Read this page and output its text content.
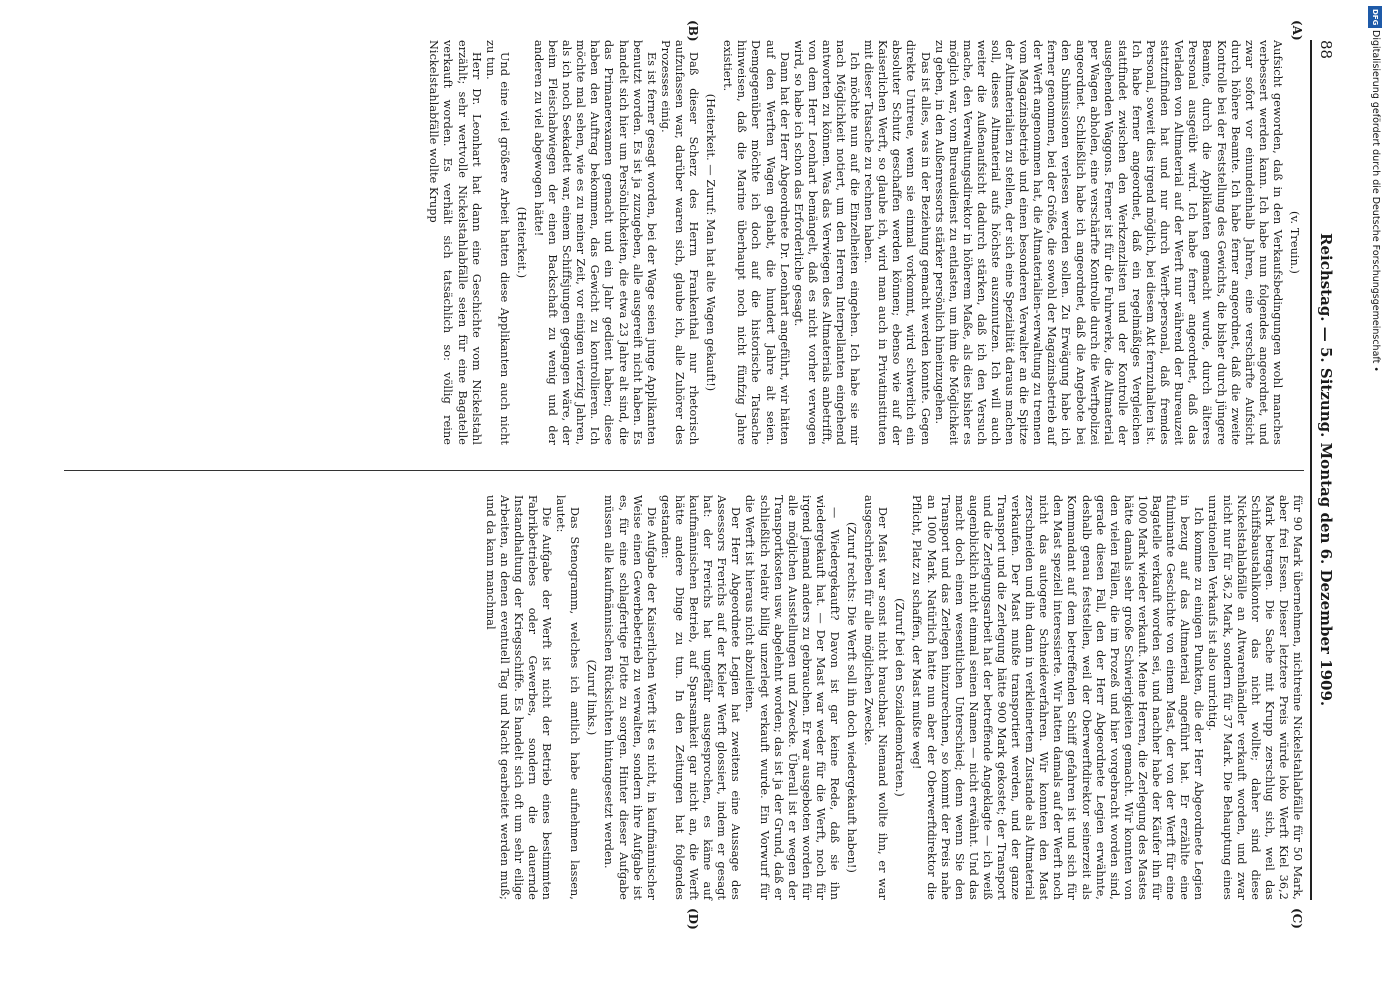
88
Reichstag. — 5. Sitzung. Montag den 6. Dezember 1909.
(A)
(B)
(C)
(D)

(v. Treuin.)

Aufsicht geworden, daß in den Verkaufsbedingungen wohl manches verbessert werden kann. Ich habe nun folgendes angeordnet, und zwar sofort vor einundeinhalb Jahren, eine verschärfte Aufsicht durch höhere Beamte. Ich habe ferner angeordnet, daß die zweite Kontrolle bei der Feststellung des Gewichts, die bisher durch jüngere Beamte, durch die Applikanten gemacht wurde, durch älteres Personal ausgeübt wird. Ich habe ferner angeordnet, daß das Verladen von Altmaterial auf der Werft nur während der Bureauzeit stattzufinden hat und nur durch Werft-personal, daß fremdes Personal, soweit dies irgend möglich, bei diesem Akt fernzuhalten ist. Ich habe ferner angeordnet, daß ein regelmäßiges Vergleichen stattfindet zwischen den Werkzenzlisten und der Kontrolle der ausgehenden Waggons. Ferner ist für die Fuhrwerke, die Altmaterial per Wagen abholen, eine verschärfte Kontrolle durch die Werftpolizei angeordnet. Schließlich habe ich angeordnet, daß die Angebote bei den Submissionen verlesen werden sollen. Zu Erwägung habe ich ferner genommen, bei der Größe, die sowohl der Magazinsbetrieb auf der Werft angenommen hat, die Altmaterialien-verwaltung zu trennen vom Magazinsbetrieb und einen besonderen Verwalter an die Spitze der Altmaterialien zu stellen, der sich eine Spezialität daraus machen soll, dieses Altmaterial aufs höchste auszunutzen. Ich will auch weiter die Außenaufsicht dadurch stärken, daß ich den Versuch mache, den Verwaltungsdirektor in höherem Maße, als dies bisher es möglich war, vom Bureaudienst zu entlasten, um ihm die Möglichkeit zu geben, in den Außenressorts stärker persönlich hineinzugehen.

Das ist alles, was in der Beziehung gemacht werden konnte. Gegen direkte Untreue, wenn sie einmal vorkommt, wird schwerlich ein absoluter Schutz geschaffen werden können; ebenso wie auf der Kaiserlichen Werft, so glaube ich, wird man auch in Privatinstituten mit dieser Tatsache zu rechnen haben.

Ich möchte nun auf die Einzelheiten eingehen. Ich habe sie mir nach Möglichkeit notiert, um den Herren Interpellanten eingehend antworten zu können. Was das Verwiegen des Altmaterials anbetrifft, von dem Herr Leonhart bemängelt, daß es nicht vorher verwogen wird, so habe ich schon das Erforderliche gesagt.

Dann hat der Herr Abgeordnete Dr. Leonhart angeführt, wir hätten auf den Werften Wagen gehabt, die hundert Jahre alt seien. Demgegenüber möchte ich doch auf die historische Tatsache hinweisen, daß die Marine überhaupt noch nicht fünfzig Jahre existiert.

(Heiterkeit. — Zuruf: Man hat alte Wagen gekauft!)

Daß dieser Scherz des Herrn Frankenthal nur rhetorisch aufzufassen war, darüber waren sich, glaube ich, alle Zuhörer des Prozesses einig.

Es ist ferner gesagt worden, bei der Wage seien junge Applikanten benutzt worden. Es ist ja zuzugeben, alle ausgereift nicht haben. Es handelt sich hier um Persönlichkeiten, die etwa 23 Jahre alt sind, die das Primanerexamen gemacht und ein Jahr gedient haben; diese haben den Auftrag bekommen, das Gewicht zu kontrollieren. Ich möchte mal sehen, wie es zu meiner Zeit, vor einigen vierzig Jahren, als ich noch Seekadett war, einem Schiffsjungen gegangen wäre, der beim Fleischabwiegen der einen Backschaft zu wenig und der anderen zu viel abgewogen hätte!

(Heiterkeit.)

Und eine viel größere Arbeit hatten diese Applikanten auch nicht zu tun.

Herr Dr. Leonhart hat dann eine Geschichte vom Nickelstahl erzählt; sehr wertvolle Nickelstahlabfälle seien für eine Bagatelle verkauft worden. Es verhält sich tatsächlich so: völlig reine Nickelstahlabfälle wollte Krupp

für 90 Mark übernehmen, nichtreine Nickelstahlabfälle für 50 Mark, aber frei Essen. Dieser letztere Preis würde loko Werft Kiel 36,2 Mark betragen. Die Sache mit Krupp zerschlug sich, weil das Schiffsbaustahlkontor das nicht wollte; daher sind diese Nickelstahlabfälle an Altwarenhändler verkauft worden, und zwar nicht nur für 36,2 Mark, sondern für 37 Mark. Die Behauptung eines unrationellen Verkaufs ist also unrichtig.

Ich komme zu einigen Punkten, die der Herr Abgeordnete Legien in bezug auf das Altmaterial angeführt hat. Er erzählte eine fulminante Geschichte von einem Mast, der von der Werft für eine Bagatelle verkauft worden sei, und nachher habe der Käufer ihn für 1000 Mark wieder verkauft. Meine Herren, die Zerlegung des Mastes hätte damals sehr große Schwierigkeiten gemacht. Wir konnten von den vielen Fällen, die im Prozeß und hier vorgebracht worden sind, gerade diesen Fall, den der Herr Abgeordnete Legien erwähnte, deshalb genau feststellen, weil der Oberwerftdirektor seinerzeit als Kommandant auf dem betreffenden Schiff gefahren ist und sich für den Mast speziell interessierte. Wir hatten damals auf der Werft noch nicht das autogene Schneideverfahren. Wir konnten den Mast zerschneiden und ihn dann in verkleinertem Zustande als Altmaterial verkaufen. Der Mast mußte transportiert werden, und der ganze Transport und die Zerlegung hätte 900 Mark gekostet; der Transport und die Zerlegungsarbeit hat der betreffende Angeklagte — ich weiß augenblicklich nicht einmal seinen Namen — nicht erwähnt. Und das macht doch einen wesentlichen Unterschied; denn wenn Sie den Transport und das Zerlegen hinzurechnen, so kommt der Preis nahe an 1000 Mark. Natürlich hatte nun aber der Oberwerftdirektor die Pflicht, Platz zu schaffen, der Mast mußte weg!

(Zuruf bei den Sozialdemokraten.)

Der Mast war sonst nicht brauchbar. Niemand wollte ihn, er war ausgeschrieben für alle möglichen Zwecke.

(Zuruf rechts: Die Werft soll ihn doch wiedergekauft haben!)

— Wiedergekauft? Davon ist gar keine Rede, daß sie ihn wiedergekauft hat. — Der Mast war weder für die Werft, noch für irgend jemand anders zu gebrauchen. Er war ausgeboten worden für alle möglichen Ausstellungen und Zwecke. Überall ist er wegen der Transportkosten usw. abgelehnt worden; das ist ja der Grund, daß er schließlich relativ billig unzerlegt verkauft wurde. Ein Vorwurf für die Werft ist hieraus nicht abzuleiten.

Der Herr Abgeordnete Legien hat zweitens eine Aussage des Assessors Frerichs auf der Kieler Werft glossiert, indem er gesagt hat: der Frerichs hat ungefähr ausgesprochen, es käme auf kaufmännischen Betrieb, auf Sparsamkeit gar nicht an, die Werft hätte andere Dinge zu tun. In den Zeitungen hat folgendes gestanden:

Die Aufgabe der Kaiserlichen Werft ist es nicht, in kaufmännischer Weise einen Gewerbebetrieb zu verwalten, sondern ihre Aufgabe ist es, für eine schlagfertige Flotte zu sorgen. Hinter dieser Aufgabe müssen alle kaufmännischen Rücksichten hintangesetzt werden.

(Zuruf links.)

Das Stenogramm, welches ich amtlich habe aufnehmen lassen, lautet:

Die Aufgabe der Werft ist nicht der Betrieb eines bestimmten Fabrikbetriebes oder Gewerbes, sondern die dauernde Instandhaltung der Kriegsschiffe. Es handelt sich oft um sehr eilige Arbeiten, an denen eventuell Tag und Nacht gearbeitet werden muß; und da kann manchmal

DFG
Digitalisierung gefördert durch die Deutsche Forschungsgemeinschaft •
